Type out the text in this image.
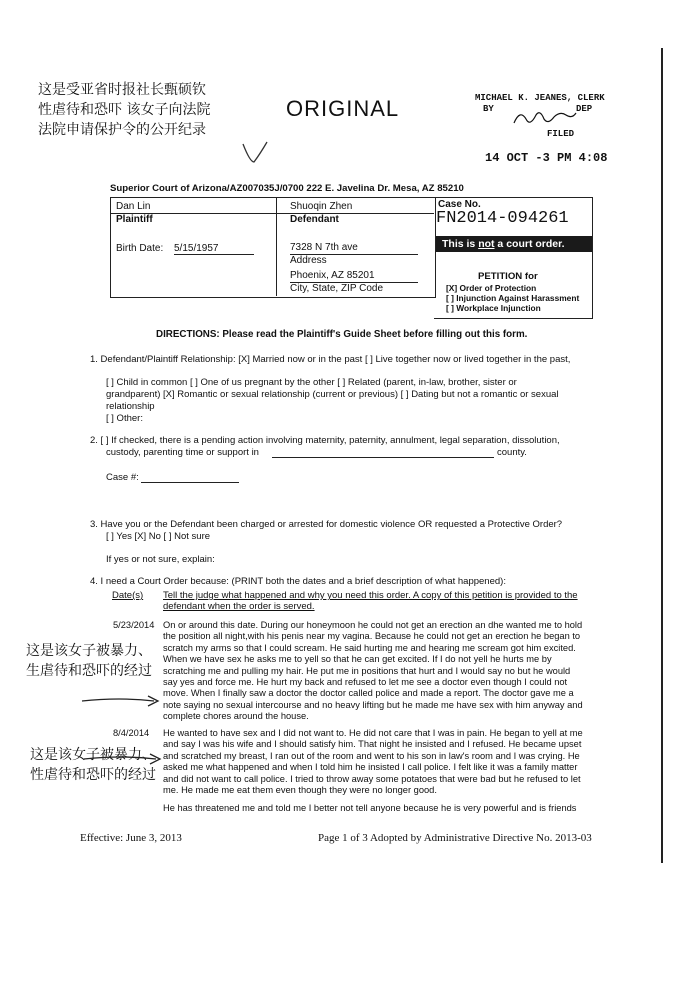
这是受亚省时报社长甄硕钦
性虐待和恐吓 该女子向法院
法院申请保护令的公开纪录
ORIGINAL	MICHAEL K. JEANES, CLERK
BY	DEP
FILED
14 OCT -3 PM 4:08
Superior Court of Arizona/AZ007035J/0700 222 E. Javelina Dr. Mesa, AZ 85210
Dan Lin
Plaintiff
Birth Date: 5/15/1957
Shuoqin Zhen
Defendant
7328 N 7th ave
Address
Phoenix, AZ 85201
City, State, ZIP Code
Case No.
FN2014-094261
This is not a court order.
PETITION for
[X] Order of Protection
[ ] Injunction Against Harassment
[ ] Workplace Injunction
DIRECTIONS: Please read the Plaintiff's Guide Sheet before filling out this form.
1. Defendant/Plaintiff Relationship: [X] Married now or in the past [ ] Live together now or lived together in the past,
[ ] Child in common [ ] One of us pregnant by the other [ ] Related (parent, in-law, brother, sister or
grandparent) [X] Romantic or sexual relationship (current or previous) [ ] Dating but not a romantic or sexual
relationship
[ ] Other:
2. [ ] If checked, there is a pending action involving maternity, paternity, annulment, legal separation, dissolution,
custody, parenting time or support in	county.
Case #:
3. Have you or the Defendant been charged or arrested for domestic violence OR requested a Protective Order?
[ ] Yes [X] No [ ] Not sure
If yes or not sure, explain:
4. I need a Court Order because: (PRINT both the dates and a brief description of what happened):
Date(s) Tell the judge what happened and why you need this order. A copy of this petition is provided to the
defendant when the order is served.
5/23/2014 On or around this date. During our honeymoon he could not get an erection an dhe wanted me to hold
the position all night,with his penis near my vagina. Because he could not get an erection he began to
scratch my arms so that I could scream. He said hurting me and hearing me scream got him excited.
When we have sex he asks me to yell so that he can get excited. If I do not yell he hurts me by
scratching me and pulling my hair. He put me in positions that hurt and I would say no but he would
say yes and force me. He hurt my back and refused to let me see a doctor even though I could not
move. When I finally saw a doctor the doctor called police and made a report. The doctor gave me a
note saying no sexual intercourse and no heavy lifting but he made me have sex with him anyway and
complete chores around the house.
这是该女子被暴力、
生虐待和恐吓的经过
8/4/2014 He wanted to have sex and I did not want to. He did not care that I was in pain. He began to yell at me
and say I was his wife and I should satisfy him. That night he insisted and I refused. He became upset
and scratched my breast, I ran out of the room and went to his son in law's room and I was crying. He
asked me what happened and when I told him he insisted I call police. I felt like it was a family matter
and did not want to call police. I tried to throw away some potatoes that were bad but he refused to let
me. He made me eat them even though they were no longer good.
这是该女子被暴力、
性虐待和恐吓的经过
He has threatened me and told me I better not tell anyone because he is very powerful and is friends
Effective: June 3, 2013	Page 1 of 3 Adopted by Administrative Directive No. 2013-03
